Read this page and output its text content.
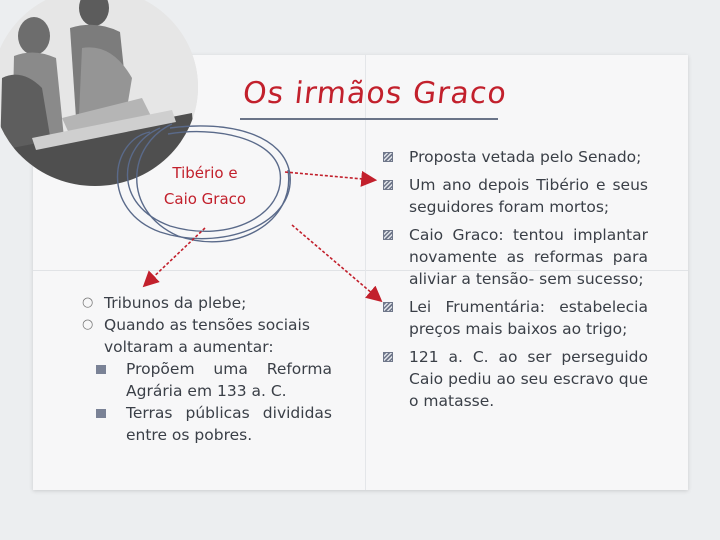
Os irmãos Graco
Tibério e
Caio Graco
○ Tribunos da plebe;
○ Quando as tensões sociais voltaram a aumentar:
Propõem uma Reforma Agrária em 133 a. C.
Terras públicas divididas entre os pobres.
Proposta vetada pelo Senado;
Um ano depois Tibério e seus seguidores foram mortos;
Caio Graco: tentou implantar novamente as reformas para aliviar a tensão- sem sucesso;
Lei Frumentária: estabelecia preços mais baixos ao trigo;
121 a. C. ao ser perseguido Caio pediu ao seu escravo que o matasse.
